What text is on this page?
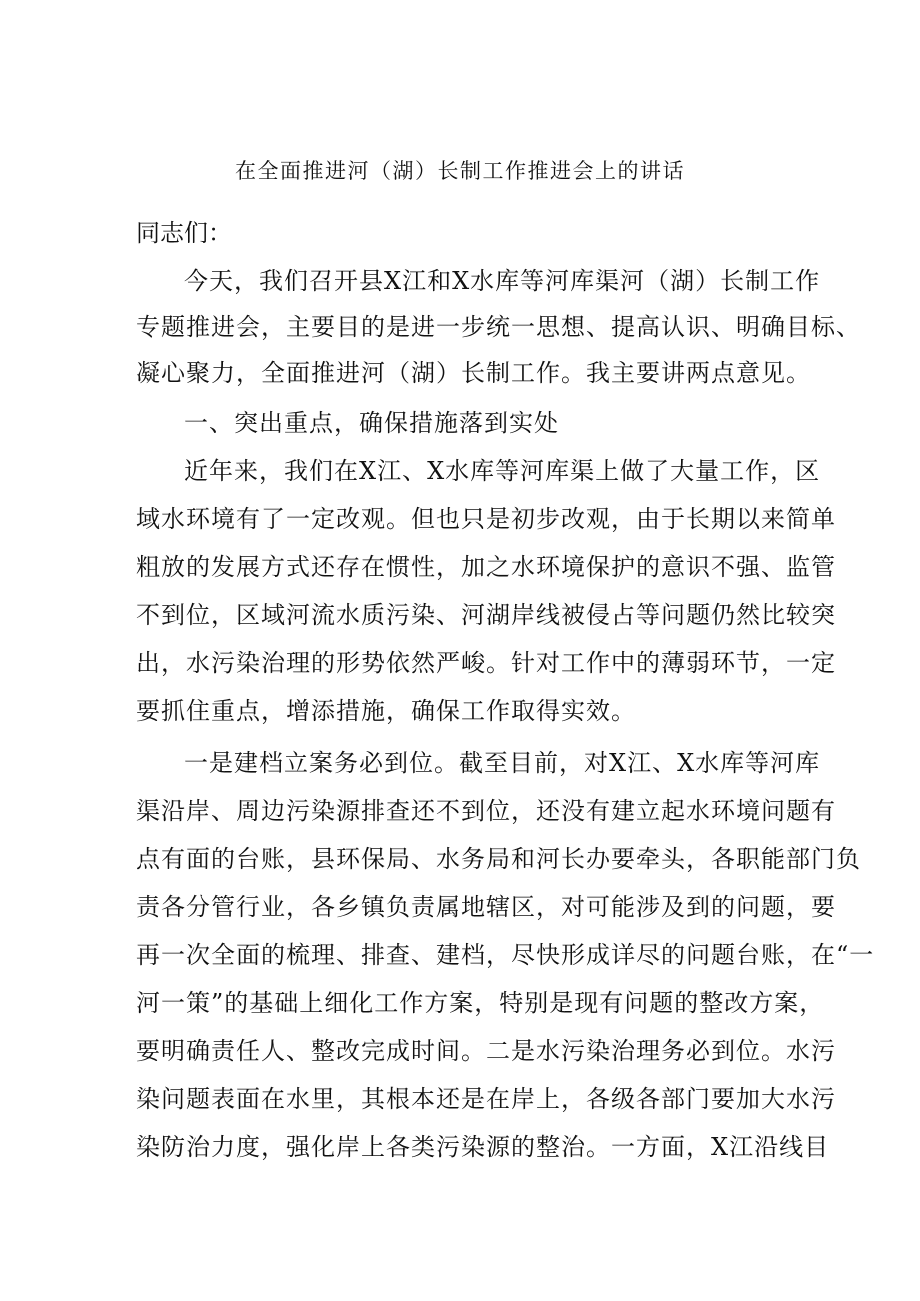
在全面推进河（湖）长制工作推进会上的讲话
同志们：
今天，我们召开县X江和X水库等河库渠河（湖）长制工作
专题推进会，主要目的是进一步统一思想、提高认识、明确目标、
凝心聚力，全面推进河（湖）长制工作。我主要讲两点意见。
一、突出重点，确保措施落到实处
近年来，我们在X江、X水库等河库渠上做了大量工作，区
域水环境有了一定改观。但也只是初步改观，由于长期以来简单
粗放的发展方式还存在惯性，加之水环境保护的意识不强、监管
不到位，区域河流水质污染、河湖岸线被侵占等问题仍然比较突
出，水污染治理的形势依然严峻。针对工作中的薄弱环节，一定
要抓住重点，增添措施，确保工作取得实效。
一是建档立案务必到位。截至目前，对X江、X水库等河库
渠沿岸、周边污染源排查还不到位，还没有建立起水环境问题有
点有面的台账，县环保局、水务局和河长办要牵头，各职能部门负
责各分管行业，各乡镇负责属地辖区，对可能涉及到的问题，要
再一次全面的梳理、排查、建档，尽快形成详尽的问题台账，在“一
河一策”的基础上细化工作方案，特别是现有问题的整改方案，
要明确责任人、整改完成时间。二是水污染治理务必到位。水污
染问题表面在水里，其根本还是在岸上，各级各部门要加大水污
染防治力度，强化岸上各类污染源的整治。一方面，X江沿线目
